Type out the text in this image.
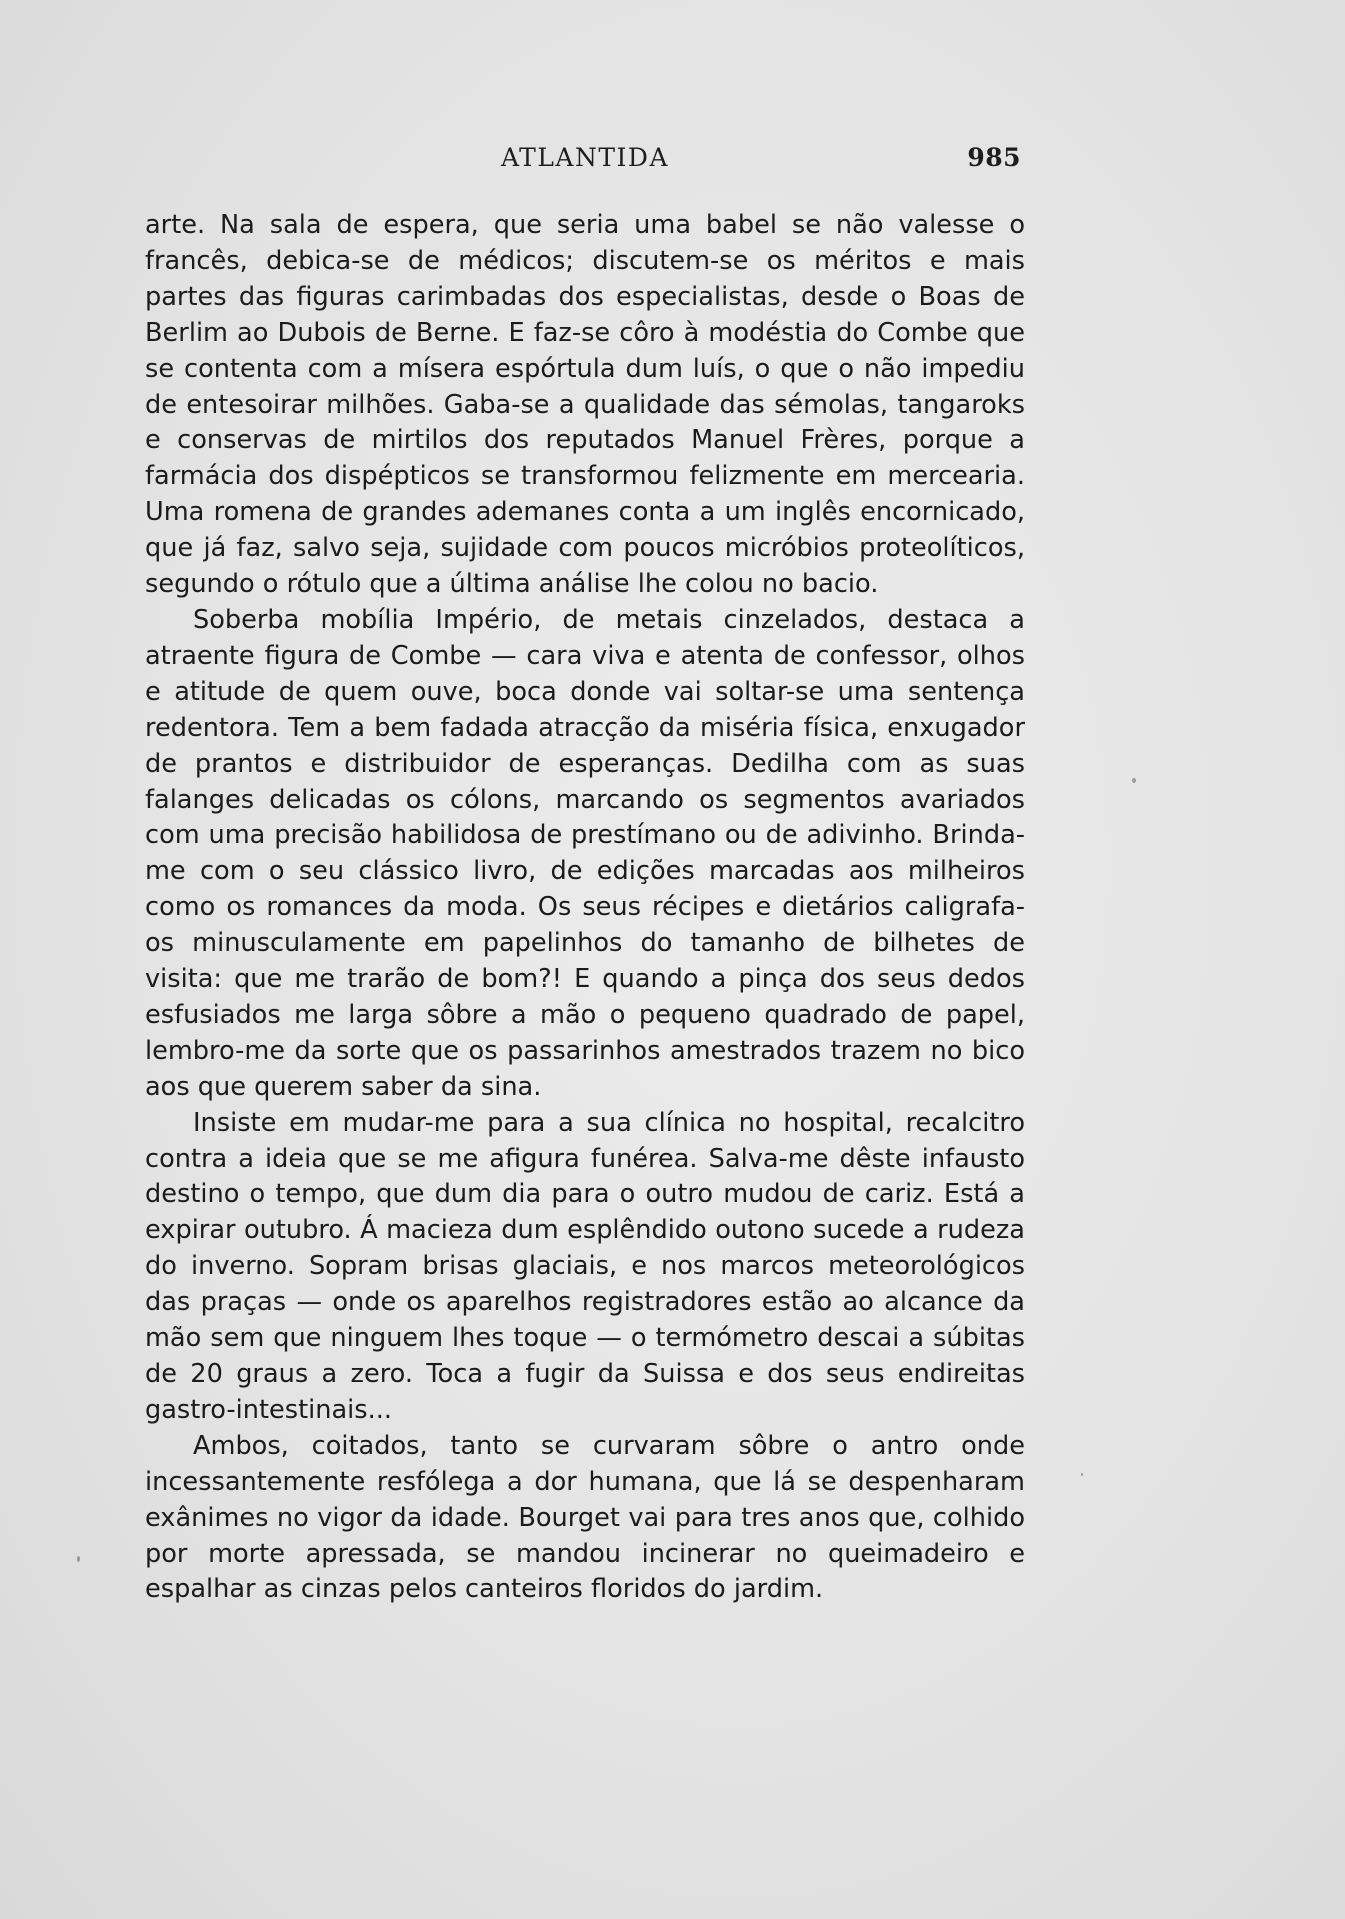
ATLANTIDA	985

arte. Na sala de espera, que seria uma babel se não valesse o francês, debica-se de médicos; discutem-se os méritos e mais partes das figuras carimbadas dos especialistas, desde o Boas de Berlim ao Dubois de Berne. E faz-se côro à modéstia do Combe que se contenta com a mísera espórtula dum luís, o que o não impediu de entesoirar milhões. Gaba-se a qualidade das sémolas, tangaroks e conservas de mirtilos dos reputados Manuel Frères, porque a farmácia dos dispépticos se transformou felizmente em mercearia. Uma romena de grandes ademanes conta a um inglês encornicado, que já faz, salvo seja, sujidade com poucos micróbios proteolíticos, segundo o rótulo que a última análise lhe colou no bacio.

Soberba mobília Império, de metais cinzelados, destaca a atraente figura de Combe — cara viva e atenta de confessor, olhos e atitude de quem ouve, boca donde vai soltar-se uma sentença redentora. Tem a bem fadada atracção da miséria física, enxugador de prantos e distribuidor de esperanças. Dedilha com as suas falanges delicadas os cólons, marcando os segmentos avariados com uma precisão habilidosa de prestímano ou de adivinho. Brinda-me com o seu clássico livro, de edições marcadas aos milheiros como os romances da moda. Os seus récipes e dietários caligrafa-os minusculamente em papelinhos do tamanho de bilhetes de visita: que me trarão de bom?! E quando a pinça dos seus dedos esfusiados me larga sôbre a mão o pequeno quadrado de papel, lembro-me da sorte que os passarinhos amestrados trazem no bico aos que querem saber da sina.

Insiste em mudar-me para a sua clínica no hospital, recalcitro contra a ideia que se me afigura funérea. Salva-me dêste infausto destino o tempo, que dum dia para o outro mudou de cariz. Está a expirar outubro. Á macieza dum esplêndido outono sucede a rudeza do inverno. Sopram brisas glaciais, e nos marcos meteorológicos das praças — onde os aparelhos registradores estão ao alcance da mão sem que ninguem lhes toque — o termómetro descai a súbitas de 20 graus a zero. Toca a fugir da Suissa e dos seus endireitas gastro-intestinais...

Ambos, coitados, tanto se curvaram sôbre o antro onde incessantemente resfólega a dor humana, que lá se despenharam exânimes no vigor da idade. Bourget vai para tres anos que, colhido por morte apressada, se mandou incinerar no queimadeiro e espalhar as cinzas pelos canteiros floridos do jardim.
